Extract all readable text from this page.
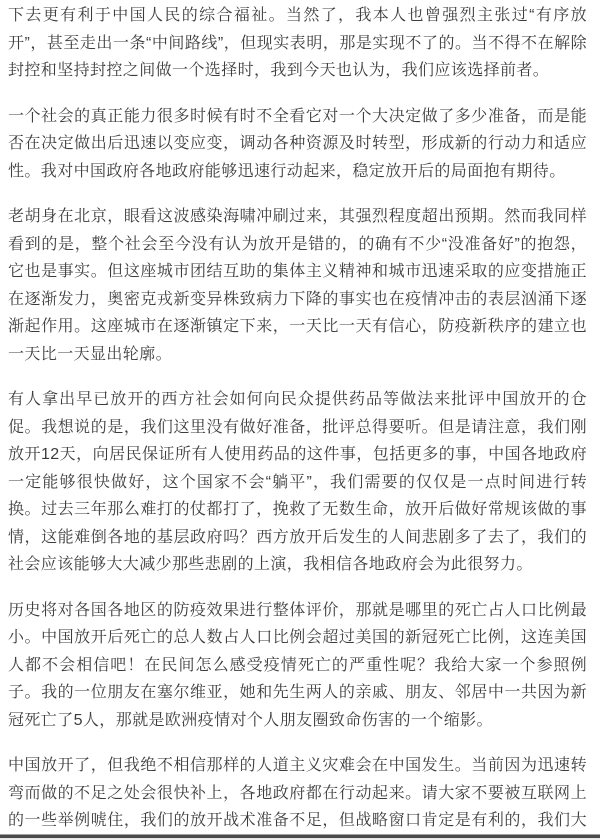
下去更有利于中国人民的综合福祉。当然了，我本人也曾强烈主张过“有序放
开”，甚至走出一条“中间路线”，但现实表明，那是实现不了的。当不得不在解除
封控和坚持封控之间做一个选择时，我到今天也认为，我们应该选择前者。

一个社会的真正能力很多时候有时不全看它对一个大决定做了多少准备，而是能
否在决定做出后迅速以变应变，调动各种资源及时转型，形成新的行动力和适应
性。我对中国政府各地政府能够迅速行动起来，稳定放开后的局面抱有期待。

老胡身在北京，眼看这波感染海啸冲刷过来，其强烈程度超出预期。然而我同样
看到的是，整个社会至今没有认为放开是错的，的确有不少“没准备好”的抱怨，
它也是事实。但这座城市团结互助的集体主义精神和城市迅速采取的应变措施正
在逐渐发力，奥密克戎新变异株致病力下降的事实也在疫情冲击的表层汹涌下逐
渐起作用。这座城市在逐渐镇定下来，一天比一天有信心，防疫新秩序的建立也
一天比一天显出轮廓。

有人拿出早已放开的西方社会如何向民众提供药品等做法来批评中国放开的仓
促。我想说的是，我们这里没有做好准备，批评总得要听。但是请注意，我们刚
放开12天，向居民保证所有人使用药品的这件事，包括更多的事，中国各地政府
一定能够很快做好，这个国家不会“躺平”，我们需要的仅仅是一点时间进行转
换。过去三年那么难打的仗都打了，挽救了无数生命，放开后做好常规该做的事
情，这能难倒各地的基层政府吗？西方放开后发生的人间悲剧多了去了，我们的
社会应该能够大大减少那些悲剧的上演，我相信各地政府会为此很努力。

历史将对各国各地区的防疫效果进行整体评价，那就是哪里的死亡占人口比例最
小。中国放开后死亡的总人数占人口比例会超过美国的新冠死亡比例，这连美国
人都不会相信吧！在民间怎么感受疫情死亡的严重性呢？我给大家一个参照例
子。我的一位朋友在塞尔维亚，她和先生两人的亲戚、朋友、邻居中一共因为新
冠死亡了5人，那就是欧洲疫情对个人朋友圈致命伤害的一个缩影。

中国放开了，但我绝不相信那样的人道主义灾难会在中国发生。当前因为迅速转
弯而做的不足之处会很快补上，各地政府都在行动起来。请大家不要被互联网上
的一些举例唬住，我们的放开战术准备不足，但战略窗口肯定是有利的，我们大
